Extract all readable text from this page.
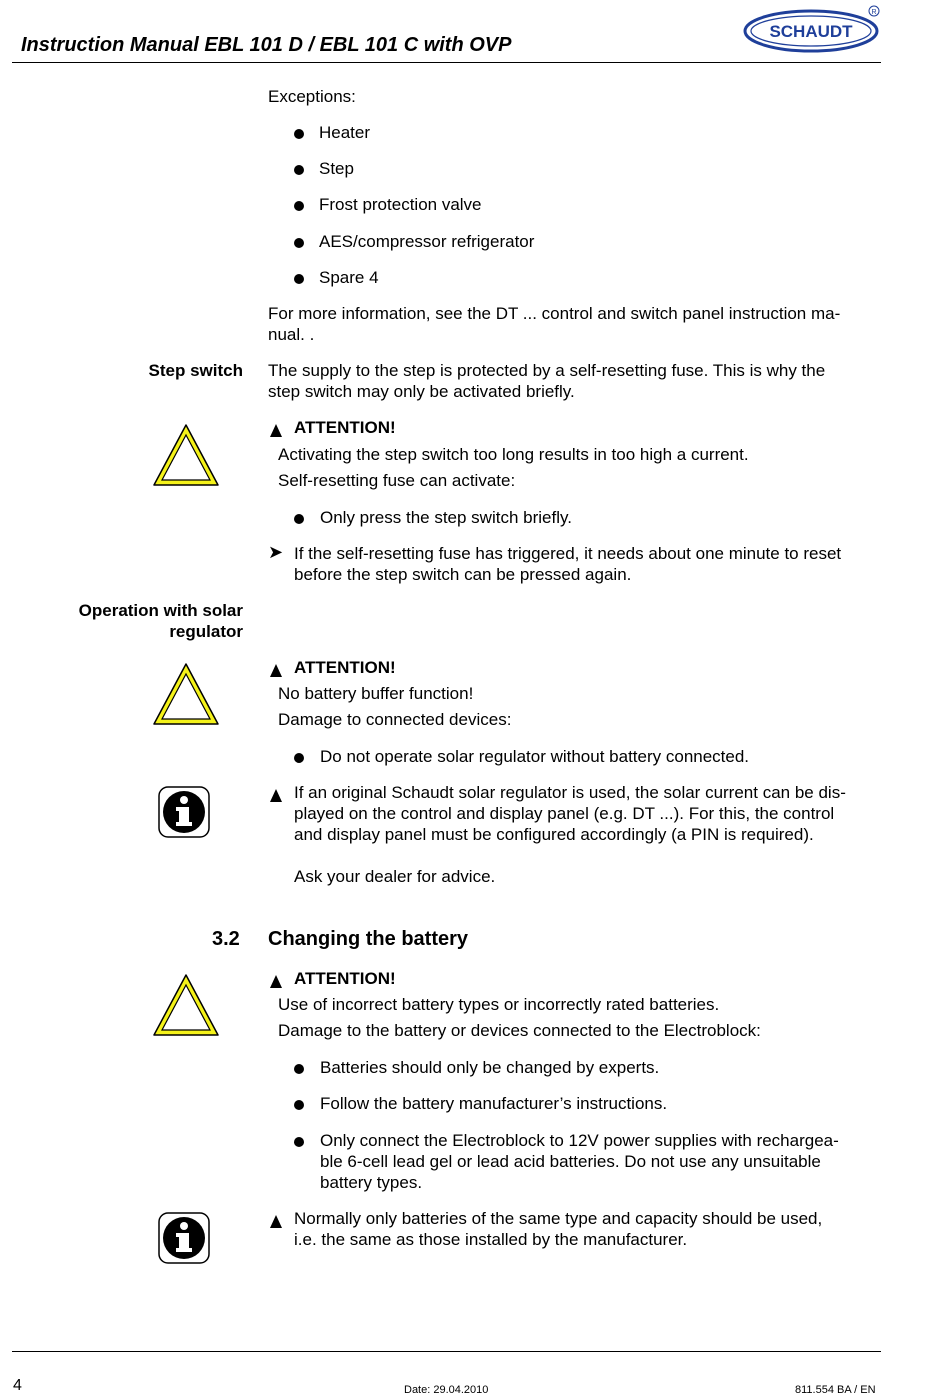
Instruction Manual EBL 101 D / EBL 101 C with OVP
SCHAUDT
R
Exceptions:
Heater
Step
Frost protection valve
AES/compressor refrigerator
Spare 4
For more information, see the DT ... control and switch panel instruction ma-
nual. .
Step switch The supply to the step is protected by a self-resetting fuse. This is why the
step switch may only be activated briefly.
ATTENTION!
Activating the step switch too long results in too high a current.
Self-resetting fuse can activate:
Only press the step switch briefly.
➤ If the self-resetting fuse has triggered, it needs about one minute to reset
before the step switch can be pressed again.
Operation with solar
regulator
ATTENTION!
No battery buffer function!
Damage to connected devices:
Do not operate solar regulator without battery connected.
If an original Schaudt solar regulator is used, the solar current can be dis-
played on the control and display panel (e.g. DT ...). For this, the control
and display panel must be configured accordingly (a PIN is required).
Ask your dealer for advice.
3.2 Changing the battery
ATTENTION!
Use of incorrect battery types or incorrectly rated batteries.
Damage to the battery or devices connected to the Electroblock:
Batteries should only be changed by experts.
Follow the battery manufacturer’s instructions.
Only connect the Electroblock to 12V power supplies with rechargea-
ble 6-cell lead gel or lead acid batteries. Do not use any unsuitable
battery types.
Normally only batteries of the same type and capacity should be used,
i.e. the same as those installed by the manufacturer.
4	Date: 29.04.2010	811.554 BA / EN
